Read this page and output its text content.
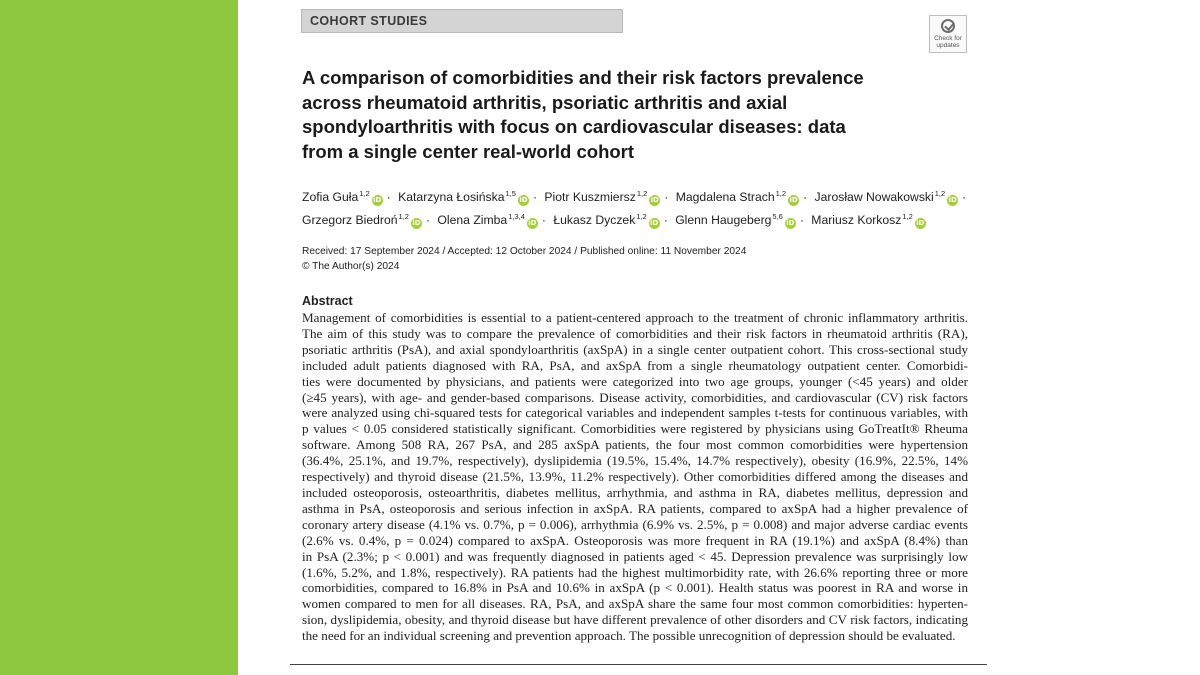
COHORT STUDIES
Check for updates
A comparison of comorbidities and their risk factors prevalence
across rheumatoid arthritis, psoriatic arthritis and axial
spondyloarthritis with focus on cardiovascular diseases: data
from a single center real-world cohort
Zofia Guła$^{1,2}$iD · Katarzyna Łosińska$^{1,5}$iD · Piotr Kuszmiersz$^{1,2}$iD · Magdalena Strach$^{1,2}$iD · Jarosław Nowakowski$^{1,2}$iD ·
Grzegorz Biedroń$^{1,2}$iD · Olena Zimba$^{1,3,4}$iD · Łukasz Dyczek$^{1,2}$iD · Glenn Haugeberg$^{5,6}$iD · Mariusz Korkosz$^{1,2}$iD
Received: 17 September 2024 / Accepted: 12 October 2024 / Published online: 11 November 2024
© The Author(s) 2024
Abstract
Management of comorbidities is essential to a patient-centered approach to the treatment of chronic inflammatory arthritis.
The aim of this study was to compare the prevalence of comorbidities and their risk factors in rheumatoid arthritis (RA),
psoriatic arthritis (PsA), and axial spondyloarthritis (axSpA) in a single center outpatient cohort. This cross-sectional study
included adult patients diagnosed with RA, PsA, and axSpA from a single rheumatology outpatient center. Comorbidi-
ties were documented by physicians, and patients were categorized into two age groups, younger (<45 years) and older
(≥45 years), with age- and gender-based comparisons. Disease activity, comorbidities, and cardiovascular (CV) risk factors
were analyzed using chi-squared tests for categorical variables and independent samples t-tests for continuous variables, with
p values < 0.05 considered statistically significant. Comorbidities were registered by physicians using GoTreatIt® Rheuma
software. Among 508 RA, 267 PsA, and 285 axSpA patients, the four most common comorbidities were hypertension
(36.4%, 25.1%, and 19.7%, respectively), dyslipidemia (19.5%, 15.4%, 14.7% respectively), obesity (16.9%, 22.5%, 14%
respectively) and thyroid disease (21.5%, 13.9%, 11.2% respectively). Other comorbidities differed among the diseases and
included osteoporosis, osteoarthritis, diabetes mellitus, arrhythmia, and asthma in RA, diabetes mellitus, depression and
asthma in PsA, osteoporosis and serious infection in axSpA. RA patients, compared to axSpA had a higher prevalence of
coronary artery disease (4.1% vs. 0.7%, p = 0.006), arrhythmia (6.9% vs. 2.5%, p = 0.008) and major adverse cardiac events
(2.6% vs. 0.4%, p = 0.024) compared to axSpA. Osteoporosis was more frequent in RA (19.1%) and axSpA (8.4%) than
in PsA (2.3%; p < 0.001) and was frequently diagnosed in patients aged < 45. Depression prevalence was surprisingly low
(1.6%, 5.2%, and 1.8%, respectively). RA patients had the highest multimorbidity rate, with 26.6% reporting three or more
comorbidities, compared to 16.8% in PsA and 10.6% in axSpA (p < 0.001). Health status was poorest in RA and worse in
women compared to men for all diseases. RA, PsA, and axSpA share the same four most common comorbidities: hyperten-
sion, dyslipidemia, obesity, and thyroid disease but have different prevalence of other disorders and CV risk factors, indicating
the need for an individual screening and prevention approach. The possible unrecognition of depression should be evaluated.
